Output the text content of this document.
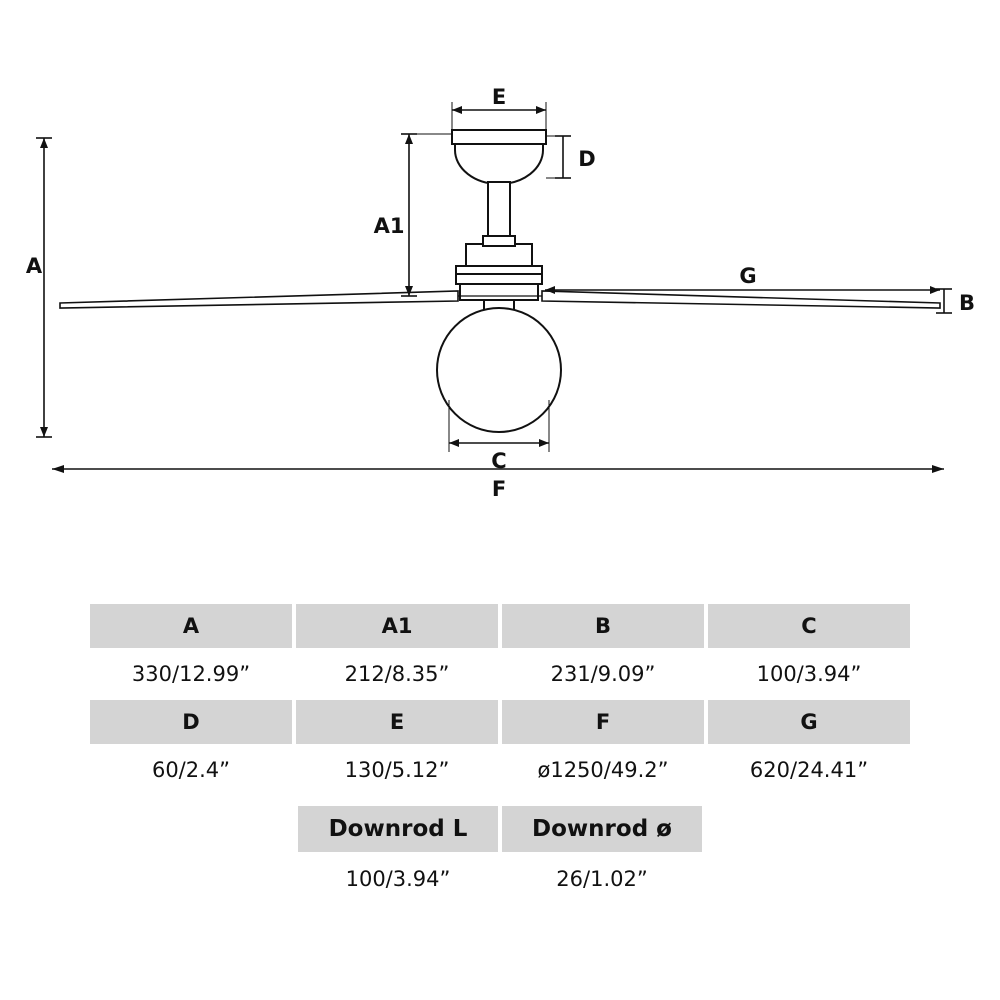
A
A1
B
C
D
E
F
G
A	A1	B	C
330/12.99”	212/8.35”	231/9.09”	100/3.94”
D	E	F	G
60/2.4”	130/5.12”	ø1250/49.2”	620/24.41”
Downrod L	Downrod ø
100/3.94”	26/1.02”
